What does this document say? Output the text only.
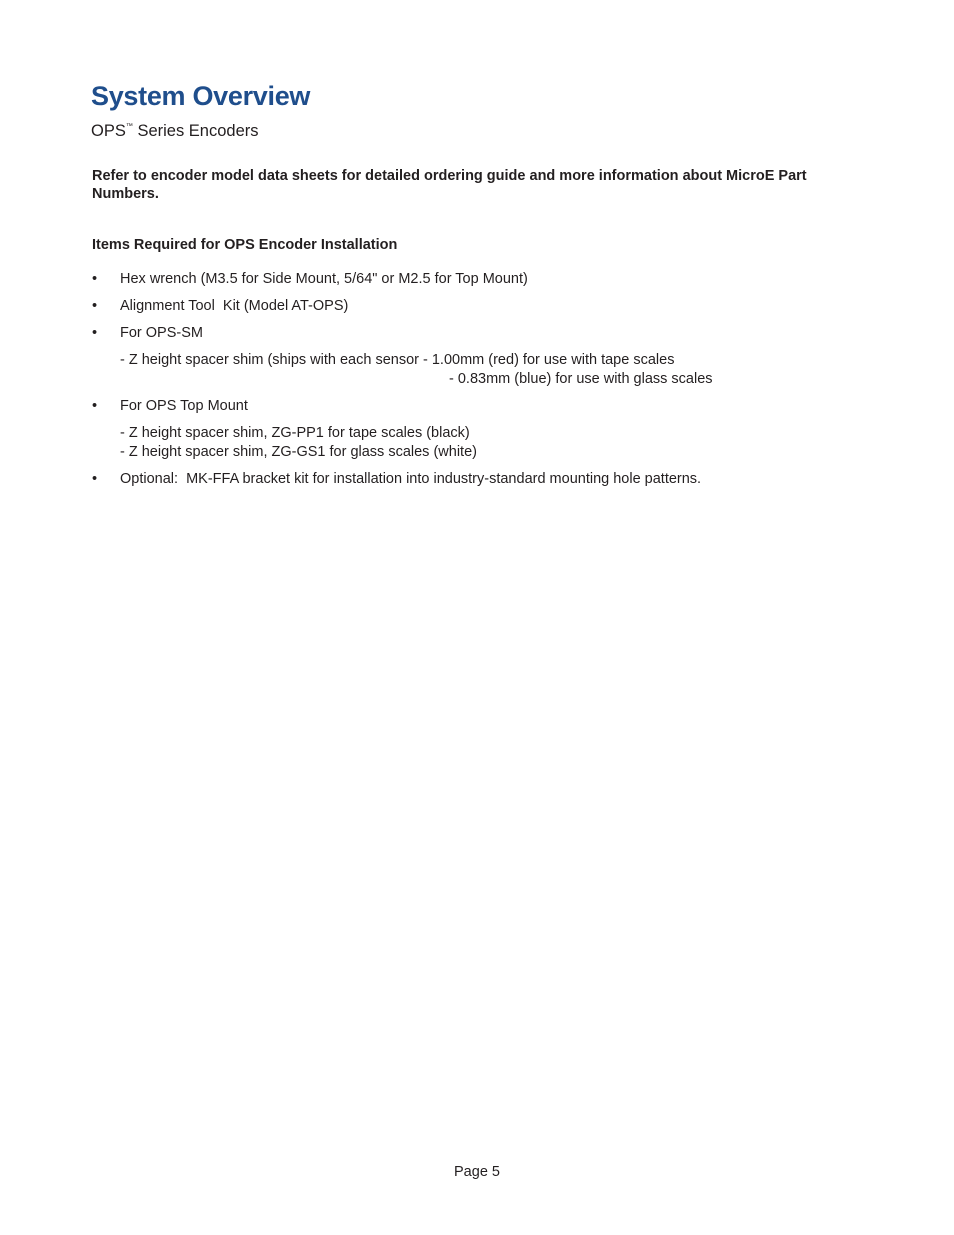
System Overview
OPS™ Series Encoders

Refer to encoder model data sheets for detailed ordering guide and more information about MicroE Part Numbers.

Items Required for OPS Encoder Installation

• Hex wrench (M3.5 for Side Mount, 5/64" or M2.5 for Top Mount)
• Alignment Tool  Kit (Model AT-OPS)
• For OPS-SM
- Z height spacer shim (ships with each sensor - 1.00mm (red) for use with tape scales
- 0.83mm (blue) for use with glass scales
• For OPS Top Mount
- Z height spacer shim, ZG-PP1 for tape scales (black)
- Z height spacer shim, ZG-GS1 for glass scales (white)
• Optional:  MK-FFA bracket kit for installation into industry-standard mounting hole patterns.
Page 5
